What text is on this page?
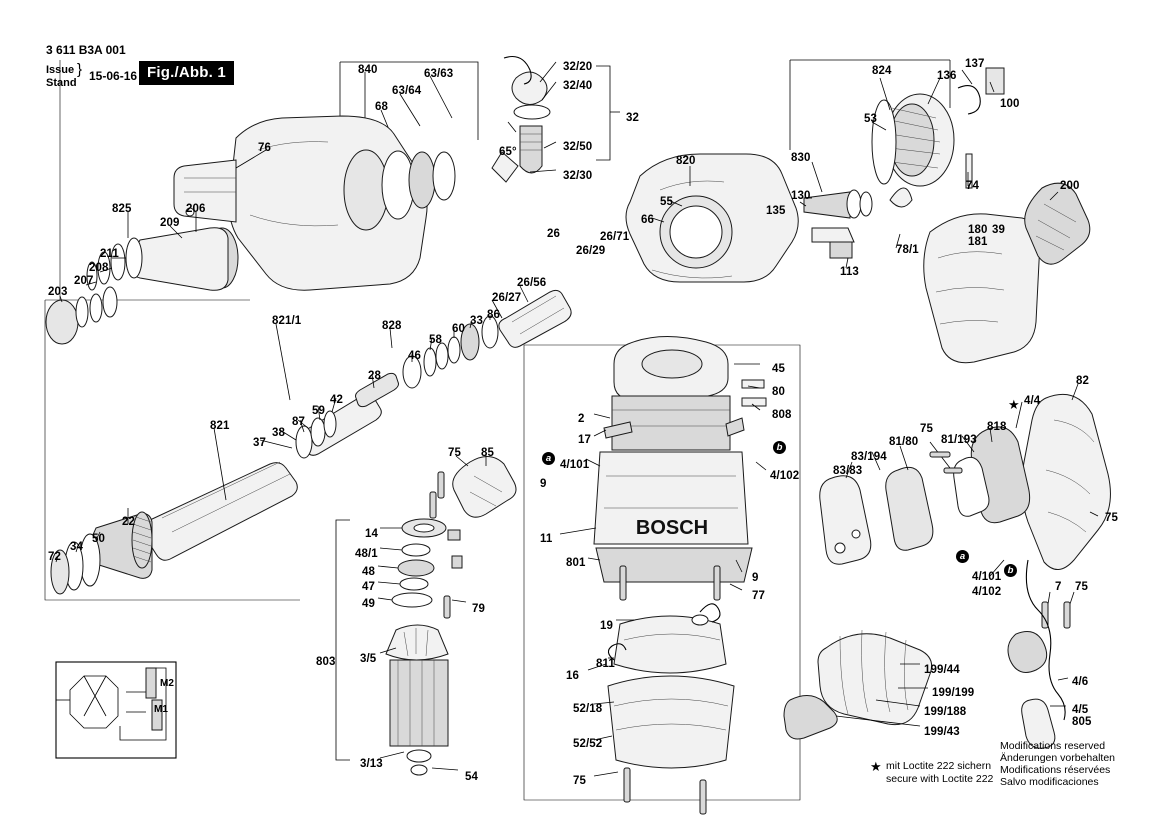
BOSCH
3 611 B3A 001
Issue
Stand
} 15-06-16 Fig./Abb. 1
a
b
b
a
M2
M1
★ mit Loctite 222 sichern
secure with Loctite 222
★
Modifications reserved
Änderungen vorbehalten
Modifications réservées
Salvo modificaciones
840	63/63
63/64
68
76
825	206
209
211
208
207
203
821/1	828
86
33
60
58
46
28
42
59
87
821
38
37
22
50
34
72
32/20
32/40
32
65°	32/50
32/30
26	26/71
26/29
26/56
26/27
820
55
66
824	136
137
100
53
830
130
135
113
78/1
74	200
180
181
39
82
4/4
818
81/193
75
81/80
83/194
83/83
75
4/101
4/102	7 75
4/6
4/5
805
199/44
199/199
199/188
199/43
45
80
808
2
17
4/101
4/102
9
11
801
9
77
19
16
811
52/18
52/52
75
14
48/1
48
47
49	79
803 3/5
3/13
54
75 85
